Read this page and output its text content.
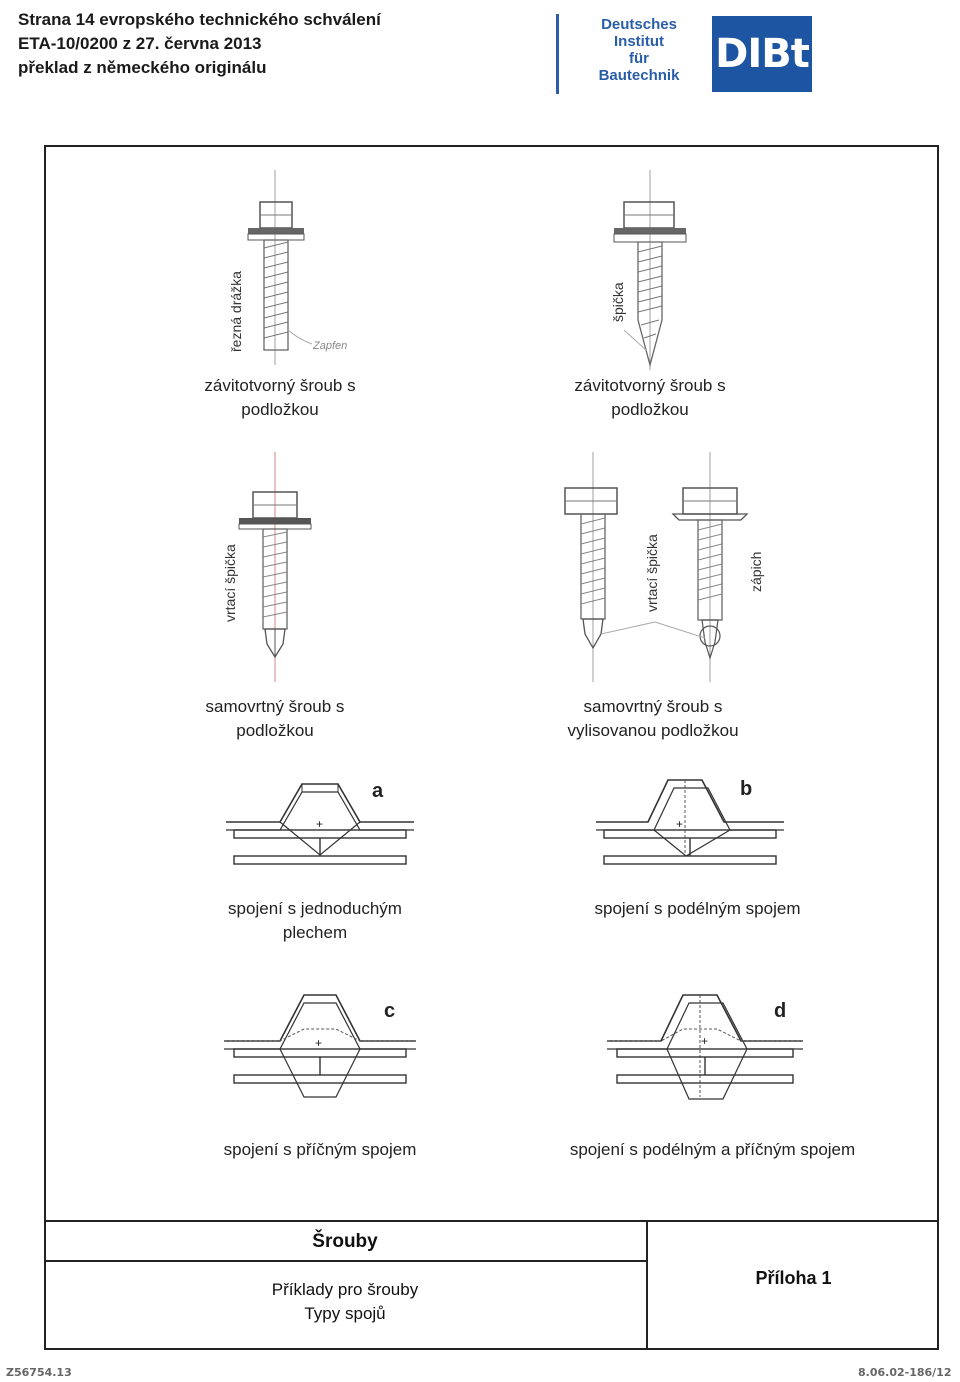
Strana 14 evropského technického schválení
ETA-10/0200 z 27. června 2013
překlad z německého originálu
Deutsches
Institut
für
Bautechnik DIBt
řezná drážka	Zapfen
závitotvorný šroub s
podložkou
špička
závitotvorný šroub s
podložkou
vrtací špička
samovrtný šroub s
podložkou
vrtací špička	zápich
samovrtný šroub s
vylisovanou podložkou
+
a
spojení s jednoduchým
plechem
+
b
spojení s podélným spojem
+
c
spojení s příčným spojem
+
d
spojení s podélným a příčným spojem
Šrouby
Příklady pro šrouby
Typy spojů
Příloha 1
Z56754.13	8.06.02-186/12
